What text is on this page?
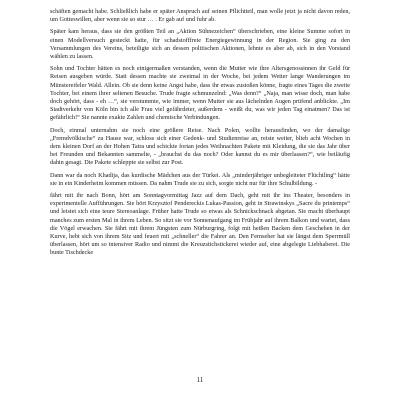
schäften gemacht habe. Schließlich habe er später Anspruch auf seinen Pflichtteil, man wolle jetzt ja nicht davon reden, um Gotteswillen, aber wenn sie so stur … . Er gab auf und fuhr ab.

Später kam heraus, dass sie den größten Teil an „Aktion Sühnezeichen“ überschrieben, eine kleine Summe sofort in einen Modellversuch gesteckt hatte, für schadstofffreie Energiegewinnung in der Region. Sie ging zu den Versammlungen des Vereins, beteiligte sich an dessen politischen Aktionen, lehnte es aber ab, sich in den Vorstand wählen zu lassen.

Sohn und Tochter hätten es noch einigermaßen verstanden, wenn die Mutter wie ihre Altersgenossinnen ihr Geld für Reisen ausgeben würde. Statt dessen machte sie zweimal in der Woche, bei jedem Wetter lange Wanderungen im Münstereifeler Wald. Allein. Ob sie denn keine Angst habe, dass ihr etwas zustoßen könne, fragte eines Tages die zweite Tochter, bei einem ihrer seltenen Besuche. Trude fragte schmunzelnd: „Was denn?“ „Naja, man wisse doch, man habe doch gehört, dass - eh …“, sie verstummte, wie immer, wenn Mutter sie aus lächelnden Augen prüfend anblickte. „Im Stadtverkehr von Köln bin ich alle Frau viel gefährdeter, außerdem - weißt du, was wir jeden Tag einatmen? Das ist gefährlich!“ Sie nannte exakte Zahlen und chemische Verbindungen.

Doch, einmal unternahm sie noch eine größere Reise. Nach Polen, wollte herausfinden, wo der damalige „Fremdvölkische“ zu Hause war, schloss sich einer Gedenk- und Studienreise an, reiste weiter, blieb acht Wochen in dem kleinen Dorf an der Hohen Tatra und schickte fortan jedes Weihnachten Pakete mit Kleidung, die sie das Jahr über bei Freunden und Bekannten sammelte, - „brauchst du das noch? Oder kannst du es mir überlassen?“, wie beiläufig dahin gesagt. Die Pakete schleppte sie selbst zur Post.

Dann war da noch Khadija, das kurdische Mädchen aus der Türkei. Als „minderjähriger unbegleiteter Flüchtling“ hätte sie in ein Kinderheim kommen müssen. Da nahm Trude sie zu sich, sorgte nicht nur für ihre Schulbildung. -

fährt mit ihr nach Bonn, hört am Sonntagvormittag Jazz auf dem Dach, geht mit ihr ins Theater, besonders in experimentelle Aufführungen. Sie hört Krzysztof Pendereckis Lukas-Passion, geht in Strawinskys „Sacre du printemps“ und leistet sich eine teure Stereoanlage. Früher hatte Trude so etwas als Schnickschnack abgetan. Sie macht überhaupt manches zum ersten Mal in ihrem Leben. So sitzt sie vor Sonnenaufgang im Frühjahr auf ihrem Balkon und wartet, dass die Vögel erwachen. Sie fährt mit ihrem Jüngsten zum Nürburgring, folgt mit heißen Backen dem Geschehen in der Kurve, hebt sich von ihrem Sitz und feuert mit „schneller“ die Fahrer an. Den Fernseher hat sie längst dem Sperrmüll überlassen, hört um so intensiver Radio und nimmt die Kreuzstichstickerei wieder auf, eine abgelegte Liebhaberei. Die bunte Tischdecke

11
